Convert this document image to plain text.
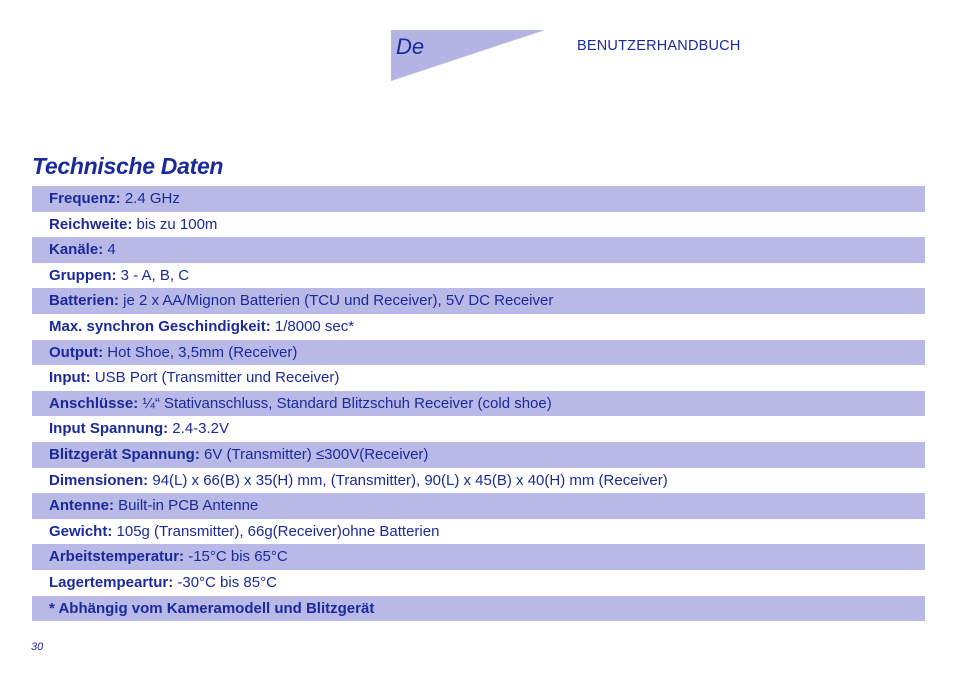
De	BENUTZERHANDBUCH
Technische Daten
Frequenz: 2.4 GHz
Reichweite: bis zu 100m
Kanäle: 4
Gruppen: 3 - A, B, C
Batterien: je 2 x AA/Mignon Batterien (TCU und Receiver), 5V DC Receiver
Max. synchron Geschindigkeit: 1/8000 sec*
Output: Hot Shoe, 3,5mm (Receiver)
Input: USB Port (Transmitter und Receiver)
Anschlüsse: ¼“ Stativanschluss, Standard Blitzschuh Receiver (cold shoe)
Input Spannung: 2.4-3.2V
Blitzgerät Spannung: 6V (Transmitter) ≤300V(Receiver)
Dimensionen: 94(L) x 66(B) x 35(H) mm, (Transmitter), 90(L) x 45(B) x 40(H) mm (Receiver)
Antenne: Built-in PCB Antenne
Gewicht: 105g (Transmitter), 66g(Receiver)ohne Batterien
Arbeitstemperatur: -15°C bis 65°C
Lagertempeartur: -30°C bis 85°C
* Abhängig vom Kameramodell und Blitzgerät
30
